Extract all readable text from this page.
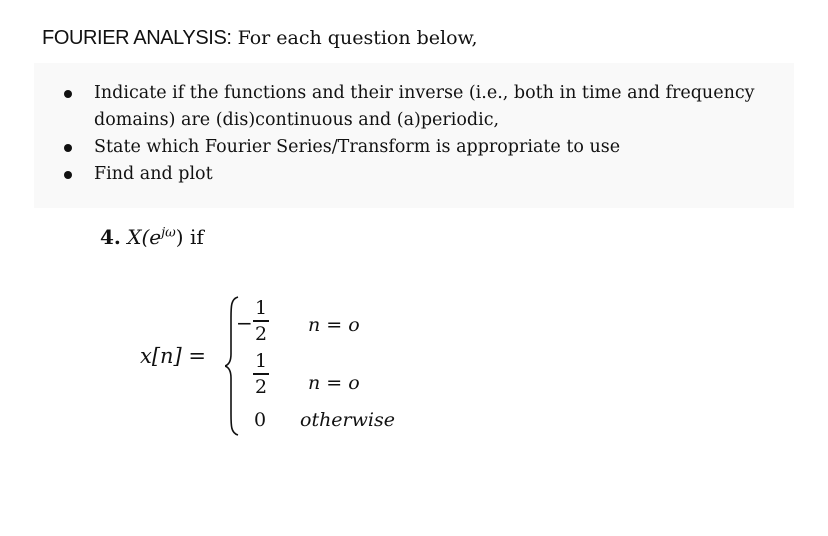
FOURIER ANALYSIS: For each question below,
Indicate if the functions and their inverse (i.e., both in time and frequency domains) are (dis)continuous and (a)periodic,
State which Fourier Series/Transform is appropriate to use
Find and plot
4. $X(e^{j\omega})$ if
x[n] =
−
1
2 n = o
1
2 n = o
0 otherwise
